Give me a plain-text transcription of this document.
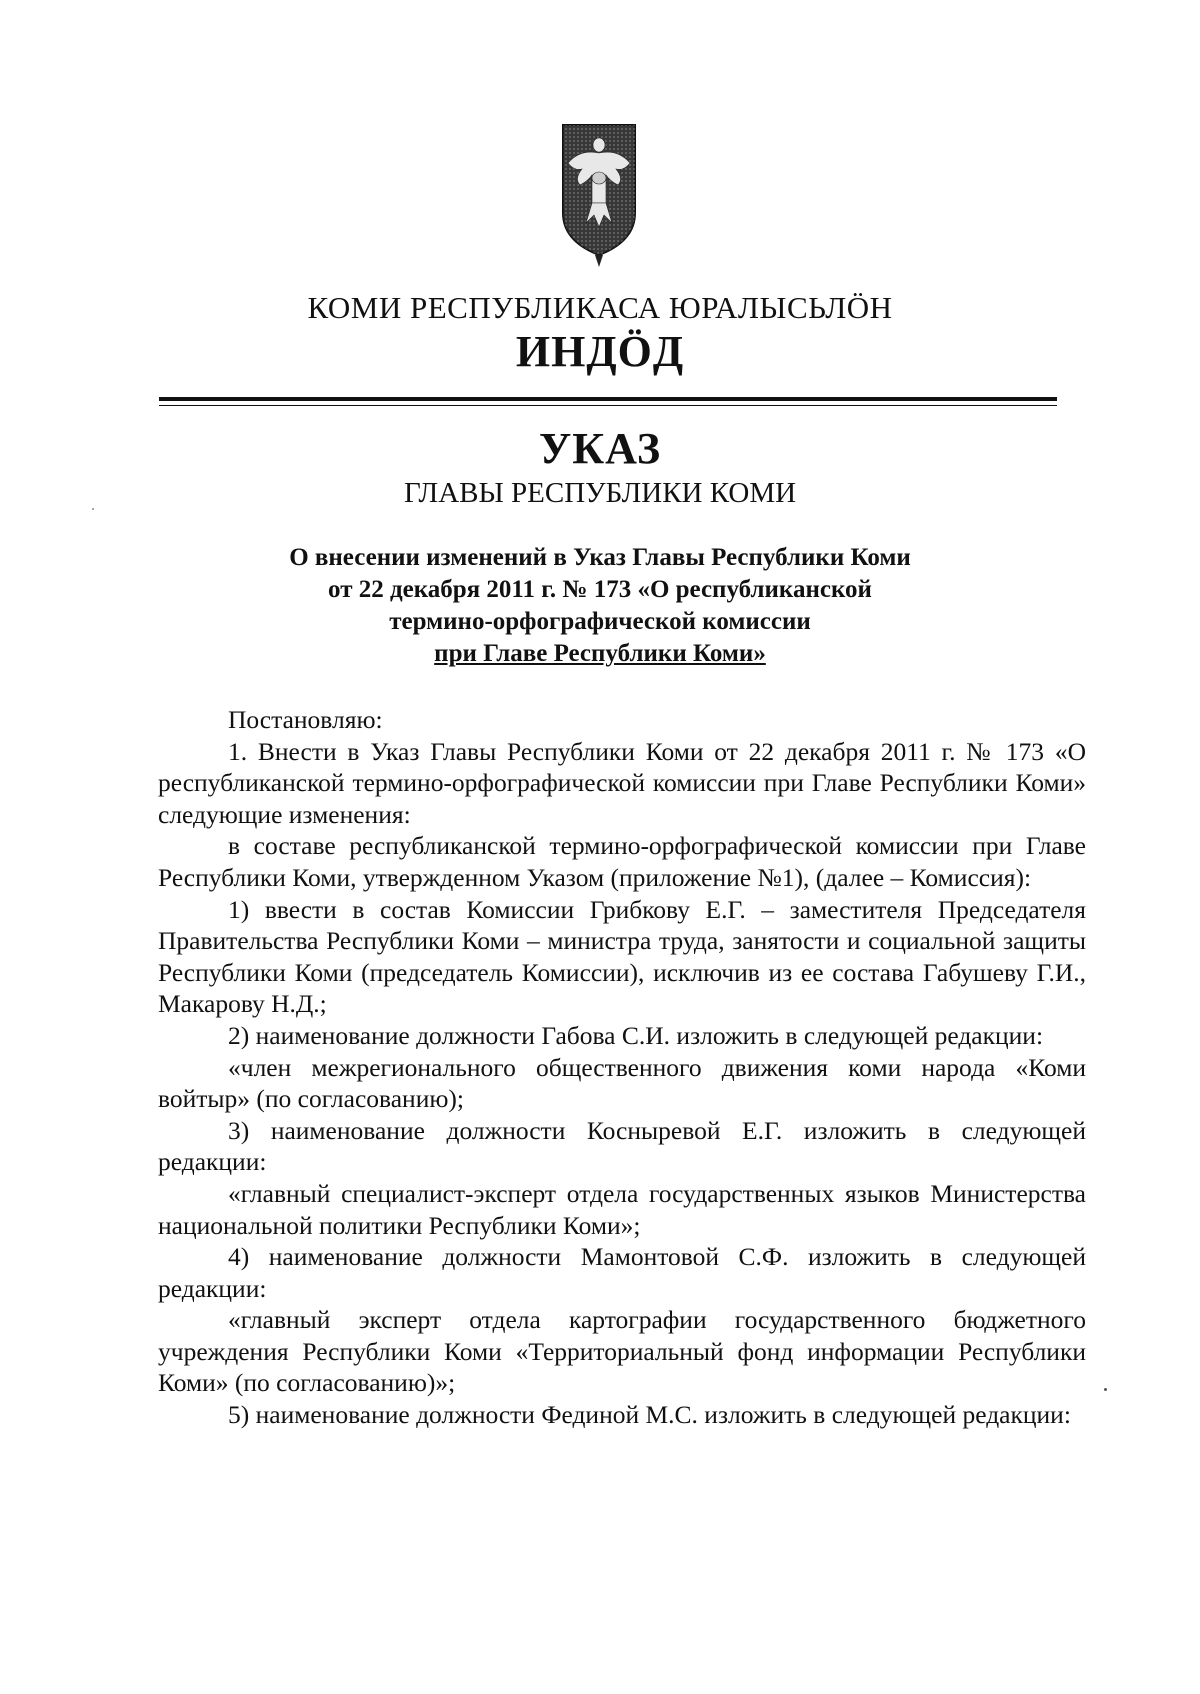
КОМИ РЕСПУБЛИКАСА ЮРАЛЫСЬЛӦН
ИНДӦД
УКАЗ
ГЛАВЫ РЕСПУБЛИКИ КОМИ
О внесении изменений в Указ Главы Республики Коми
от 22 декабря 2011 г. № 173 «О республиканской
термино-орфографической комиссии
при Главе Республики Коми»

Постановляю:

1. Внести в Указ Главы Республики Коми от 22 декабря 2011 г. № 173 «О республиканской термино-орфографической комиссии при Главе Республики Коми» следующие изменения:

в составе республиканской термино-орфографической комиссии при Главе Республики Коми, утвержденном Указом (приложение №1), (далее – Комиссия):

1) ввести в состав Комиссии Грибкову Е.Г. – заместителя Председателя Правительства Республики Коми – министра труда, занятости и социальной защиты Республики Коми (председатель Комиссии), исключив из ее состава Габушеву Г.И., Макарову Н.Д.;

2) наименование должности Габова С.И. изложить в следующей редакции:

«член межрегионального общественного движения коми народа «Коми войтыр» (по согласованию);

3) наименование должности Косныревой Е.Г. изложить в следующей редакции:

«главный специалист-эксперт отдела государственных языков Министерства национальной политики Республики Коми»;

4) наименование должности Мамонтовой С.Ф. изложить в следующей редакции:

«главный эксперт отдела картографии государственного бюджетного учреждения Республики Коми «Территориальный фонд информации Республики Коми» (по согласованию)»;

5) наименование должности Фединой М.С. изложить в следующей редакции:
